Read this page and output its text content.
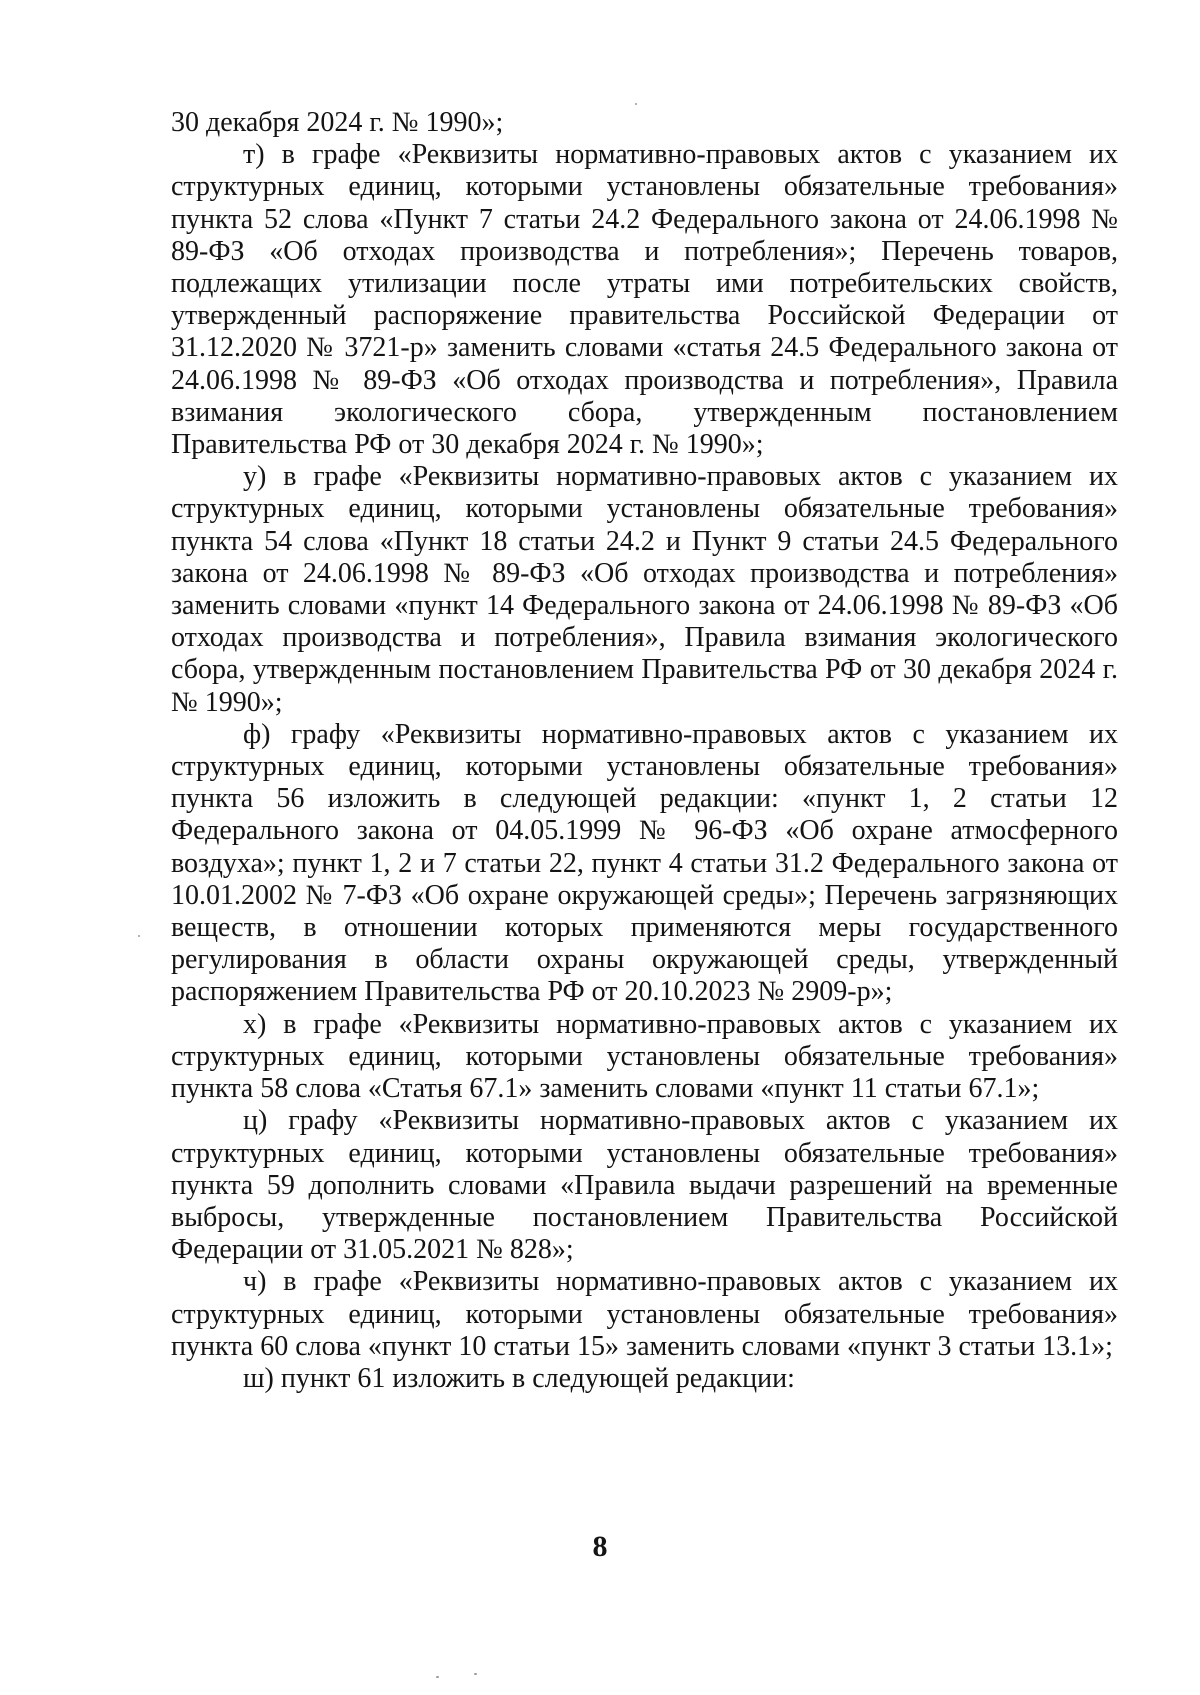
30 декабря 2024 г. № 1990»;

т) в графе «Реквизиты нормативно-правовых актов с указанием их структурных единиц, которыми установлены обязательные требования» пункта 52 слова «Пункт 7 статьи 24.2 Федерального закона от 24.06.1998 № 89-ФЗ «Об отходах производства и потребления»; Перечень товаров, подлежащих утилизации после утраты ими потребительских свойств, утвержденный распоряжение правительства Российской Федерации от 31.12.2020 № 3721-р» заменить словами «статья 24.5 Федерального закона от 24.06.1998 № 89-ФЗ «Об отходах производства и потребления», Правила взимания экологического сбора, утвержденным постановлением Правительства РФ от 30 декабря 2024 г. № 1990»;

у) в графе «Реквизиты нормативно-правовых актов с указанием их структурных единиц, которыми установлены обязательные требования» пункта 54 слова «Пункт 18 статьи 24.2 и Пункт 9 статьи 24.5 Федерального закона от 24.06.1998 № 89-ФЗ «Об отходах производства и потребления» заменить словами «пункт 14 Федерального закона от 24.06.1998 № 89-ФЗ «Об отходах производства и потребления», Правила взимания экологического сбора, утвержденным постановлением Правительства РФ от 30 декабря 2024 г. № 1990»;

ф) графу «Реквизиты нормативно-правовых актов с указанием их структурных единиц, которыми установлены обязательные требования» пункта 56 изложить в следующей редакции: «пункт 1, 2 статьи 12 Федерального закона от 04.05.1999 № 96-ФЗ «Об охране атмосферного воздуха»; пункт 1, 2 и 7 статьи 22, пункт 4 статьи 31.2 Федерального закона от 10.01.2002 № 7-ФЗ «Об охране окружающей среды»; Перечень загрязняющих веществ, в отношении которых применяются меры государственного регулирования в области охраны окружающей среды, утвержденный распоряжением Правительства РФ от 20.10.2023 № 2909-р»;

х) в графе «Реквизиты нормативно-правовых актов с указанием их структурных единиц, которыми установлены обязательные требования» пункта 58 слова «Статья 67.1» заменить словами «пункт 11 статьи 67.1»;

ц) графу «Реквизиты нормативно-правовых актов с указанием их структурных единиц, которыми установлены обязательные требования» пункта 59 дополнить словами «Правила выдачи разрешений на временные выбросы, утвержденные постановлением Правительства Российской Федерации от 31.05.2021 № 828»;

ч) в графе «Реквизиты нормативно-правовых актов с указанием их структурных единиц, которыми установлены обязательные требования» пункта 60 слова «пункт 10 статьи 15» заменить словами «пункт 3 статьи 13.1»;

ш) пункт 61 изложить в следующей редакции:

8
